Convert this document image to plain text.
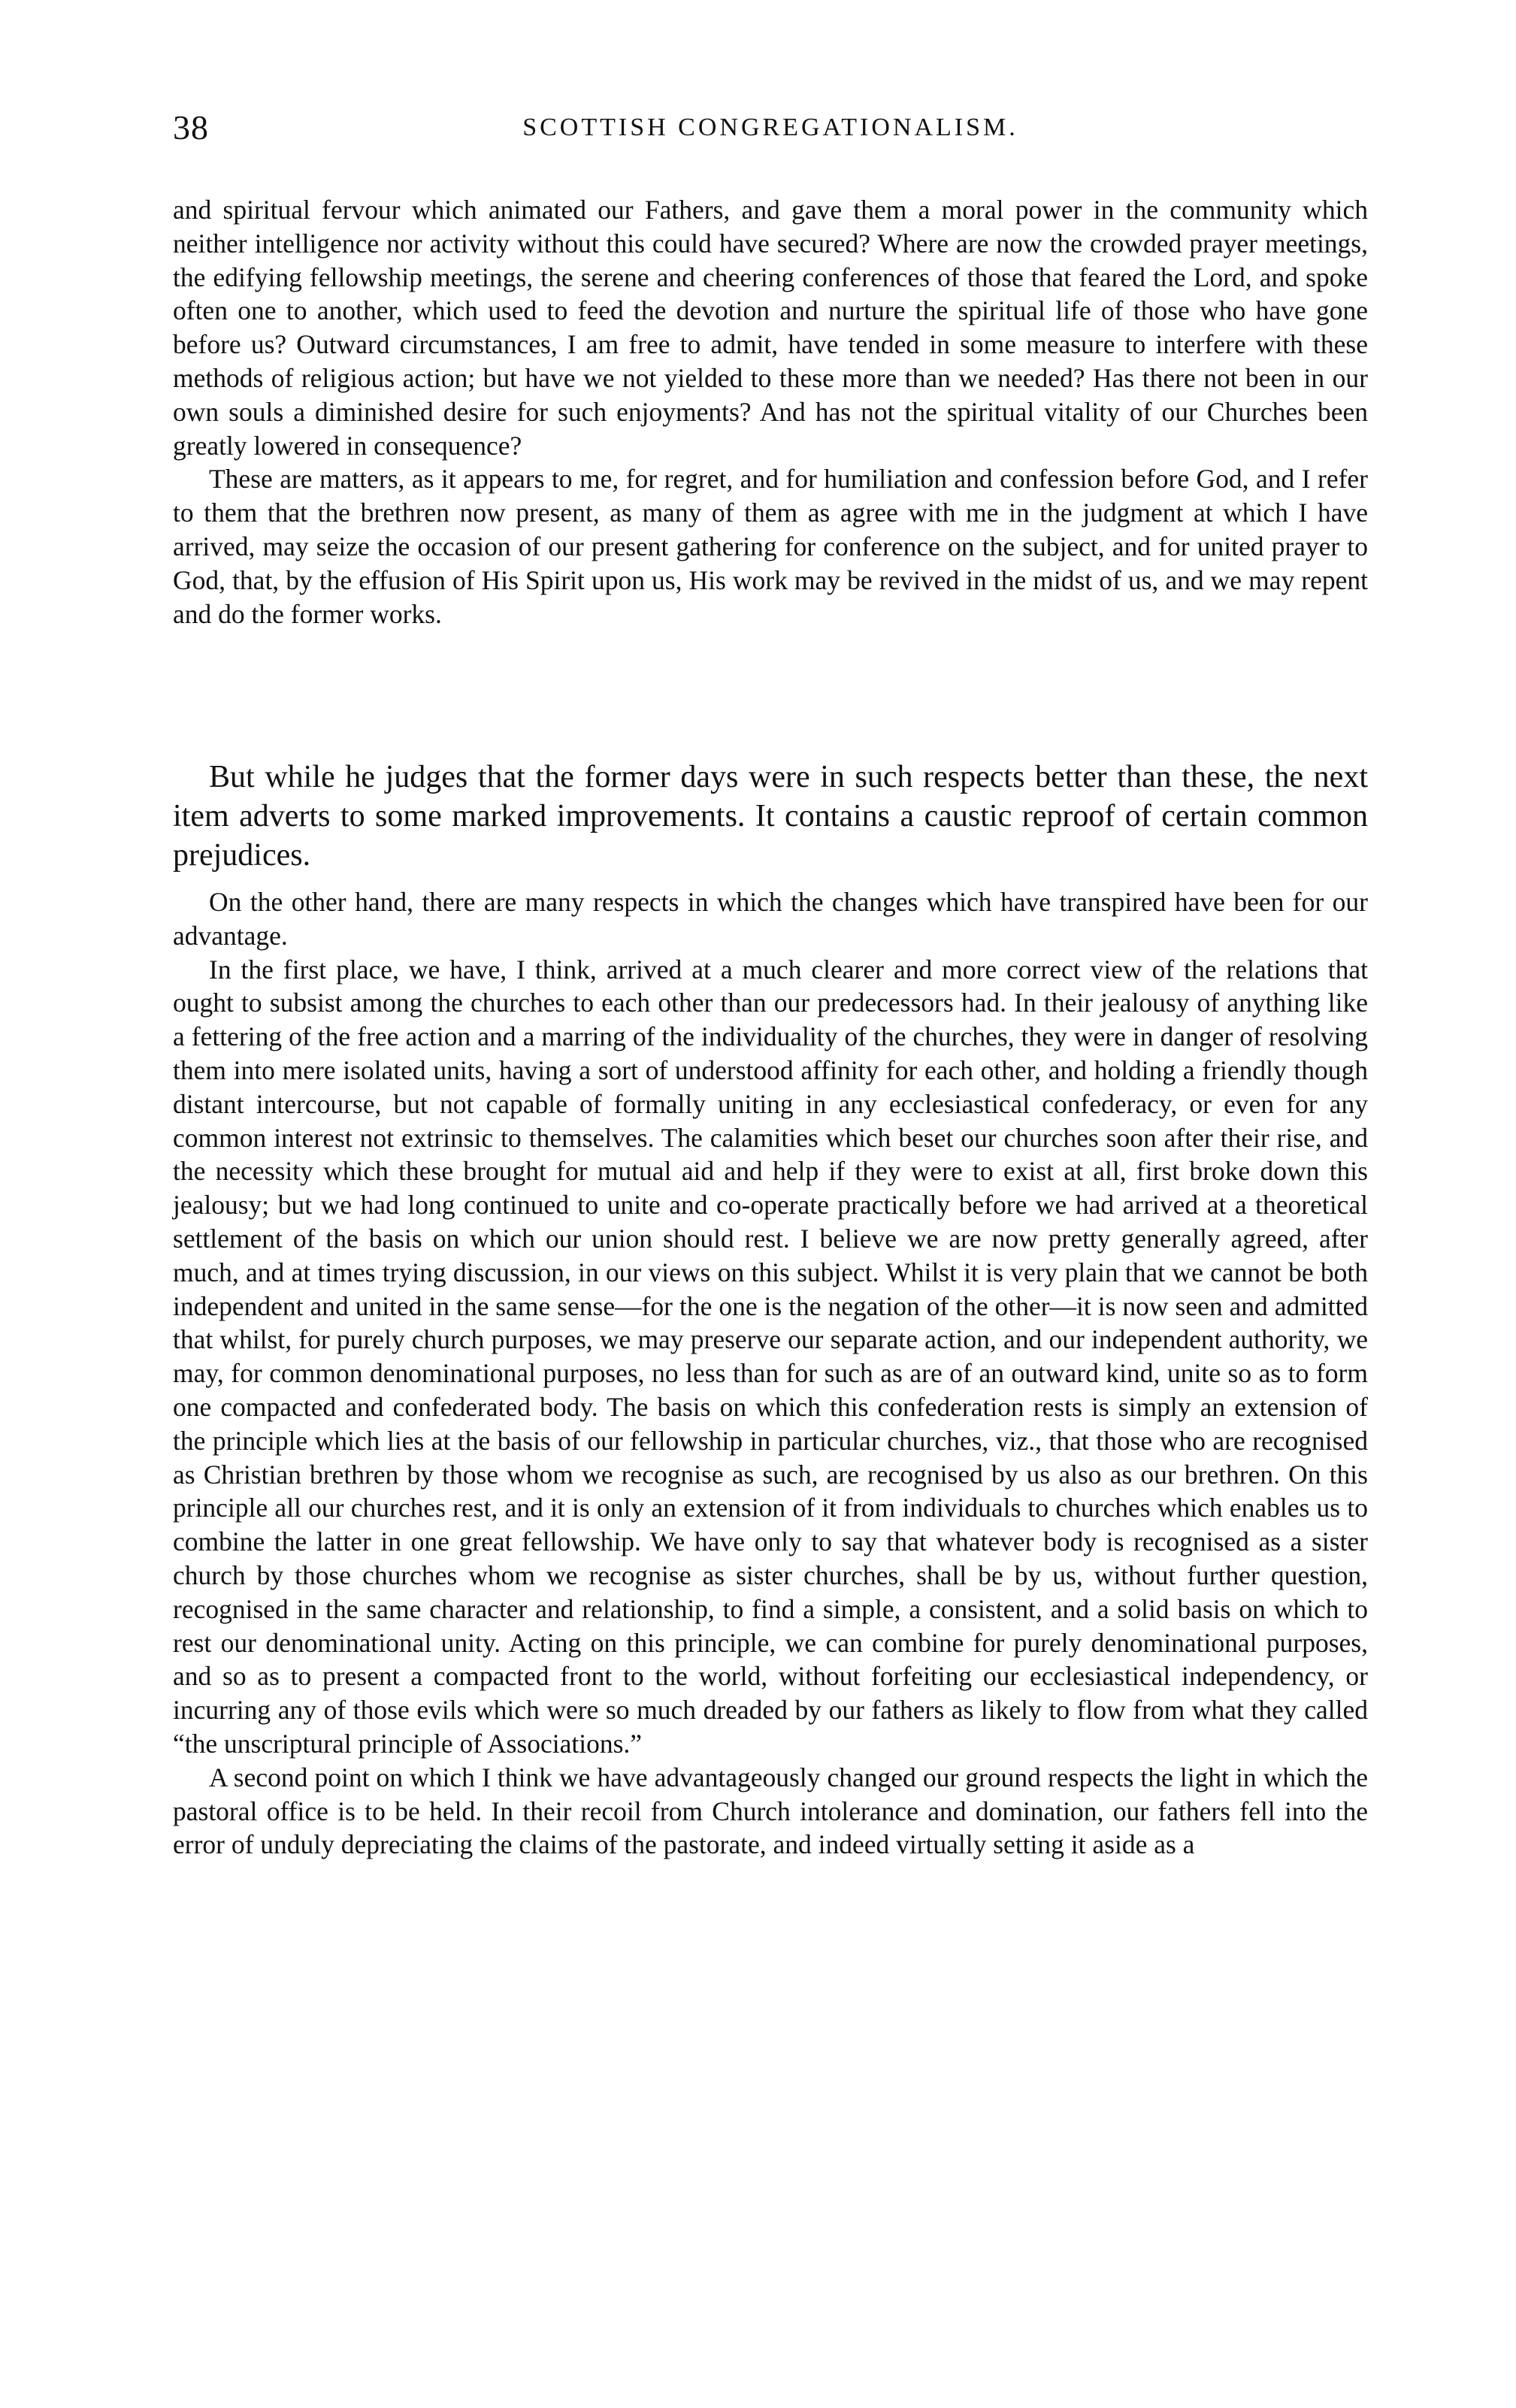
38	SCOTTISH CONGREGATIONALISM.

and spiritual fervour which animated our Fathers, and gave them a moral power in the community which neither intelligence nor activity without this could have secured? Where are now the crowded prayer meetings, the edifying fellowship meetings, the serene and cheering conferences of those that feared the Lord, and spoke often one to another, which used to feed the devotion and nurture the spiritual life of those who have gone before us? Outward circumstances, I am free to admit, have tended in some measure to interfere with these methods of religious action; but have we not yielded to these more than we needed? Has there not been in our own souls a diminished desire for such enjoyments? And has not the spiritual vitality of our Churches been greatly lowered in consequence?

These are matters, as it appears to me, for regret, and for humiliation and confession before God, and I refer to them that the brethren now present, as many of them as agree with me in the judgment at which I have arrived, may seize the occasion of our present gathering for conference on the subject, and for united prayer to God, that, by the effusion of His Spirit upon us, His work may be revived in the midst of us, and we may repent and do the former works.

But while he judges that the former days were in such respects better than these, the next item adverts to some marked improvements. It contains a caustic reproof of certain common prejudices.

On the other hand, there are many respects in which the changes which have transpired have been for our advantage.

In the first place, we have, I think, arrived at a much clearer and more correct view of the relations that ought to subsist among the churches to each other than our predecessors had. In their jealousy of anything like a fettering of the free action and a marring of the individuality of the churches, they were in danger of resolving them into mere isolated units, having a sort of understood affinity for each other, and holding a friendly though distant intercourse, but not capable of formally uniting in any ecclesiastical confederacy, or even for any common interest not extrinsic to themselves. The calamities which beset our churches soon after their rise, and the necessity which these brought for mutual aid and help if they were to exist at all, first broke down this jealousy; but we had long continued to unite and co-operate practically before we had arrived at a theoretical settlement of the basis on which our union should rest. I believe we are now pretty generally agreed, after much, and at times trying discussion, in our views on this subject. Whilst it is very plain that we cannot be both independent and united in the same sense—for the one is the negation of the other—it is now seen and admitted that whilst, for purely church purposes, we may preserve our separate action, and our independent authority, we may, for common denominational purposes, no less than for such as are of an outward kind, unite so as to form one compacted and confederated body. The basis on which this confederation rests is simply an extension of the principle which lies at the basis of our fellowship in particular churches, viz., that those who are recognised as Christian brethren by those whom we recognise as such, are recognised by us also as our brethren. On this principle all our churches rest, and it is only an extension of it from individuals to churches which enables us to combine the latter in one great fellowship. We have only to say that whatever body is recognised as a sister church by those churches whom we recognise as sister churches, shall be by us, without further question, recognised in the same character and relationship, to find a simple, a consistent, and a solid basis on which to rest our denominational unity. Acting on this principle, we can combine for purely denominational purposes, and so as to present a compacted front to the world, without forfeiting our ecclesiastical independency, or incurring any of those evils which were so much dreaded by our fathers as likely to flow from what they called “the unscriptural principle of Associations.”

A second point on which I think we have advantageously changed our ground respects the light in which the pastoral office is to be held. In their recoil from Church intolerance and domination, our fathers fell into the error of unduly depreciating the claims of the pastorate, and indeed virtually setting it aside as a
